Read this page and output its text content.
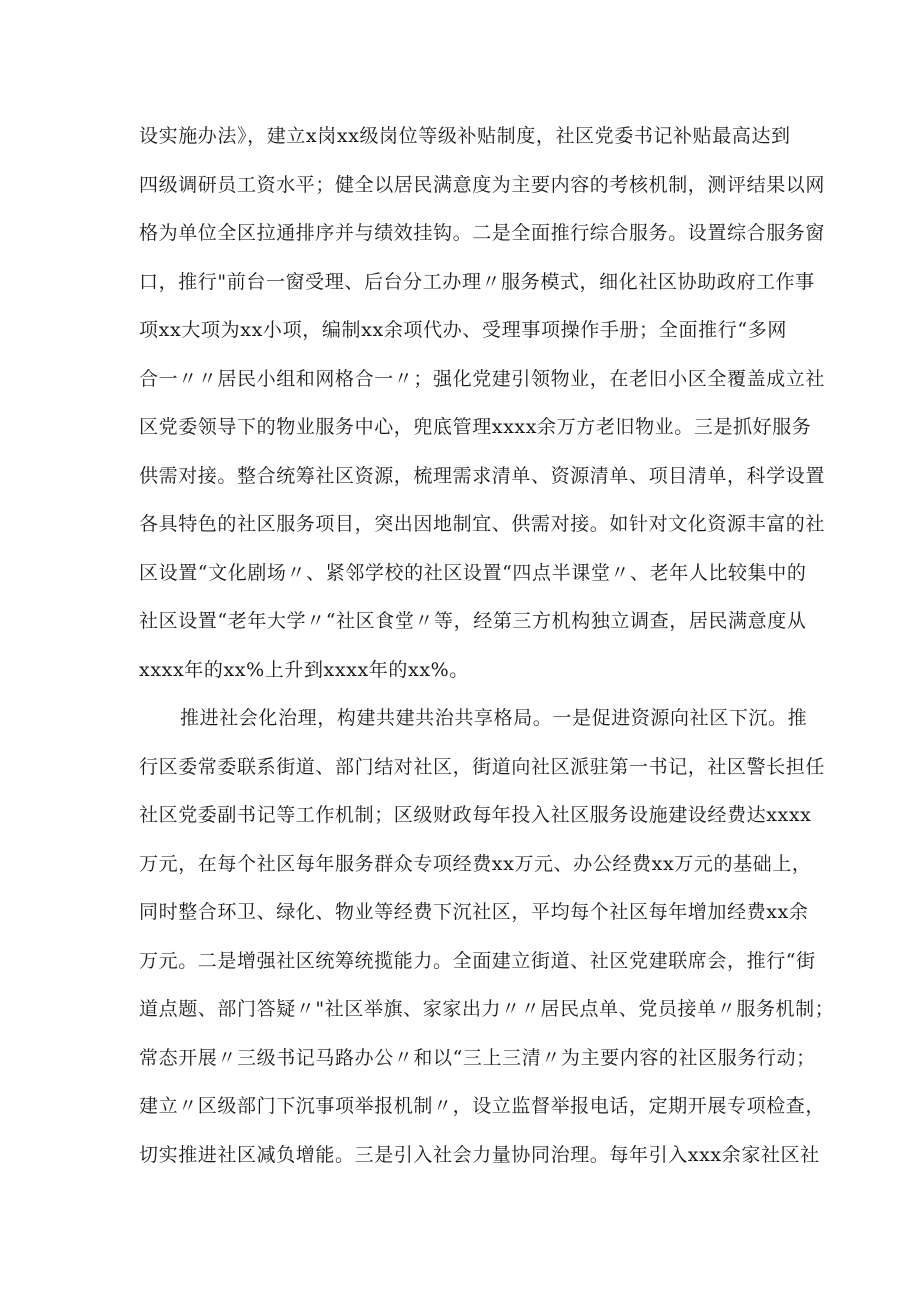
设实施办法》，建立x岗xx级岗位等级补贴制度，社区党委书记补贴最高达到
四级调研员工资水平；健全以居民满意度为主要内容的考核机制，测评结果以网
格为单位全区拉通排序并与绩效挂钩。二是全面推行综合服务。设置综合服务窗
口，推行"前台一窗受理、后台分工办理〃服务模式，细化社区协助政府工作事
项xx大项为xx小项，编制xx余项代办、受理事项操作手册；全面推行“多网
合一〃〃居民小组和网格合一〃；强化党建引领物业，在老旧小区全覆盖成立社
区党委领导下的物业服务中心，兜底管理xxxx余万方老旧物业。三是抓好服务
供需对接。整合统筹社区资源，梳理需求清单、资源清单、项目清单，科学设置
各具特色的社区服务项目，突出因地制宜、供需对接。如针对文化资源丰富的社
区设置“文化剧场〃、紧邻学校的社区设置“四点半课堂〃、老年人比较集中的
社区设置“老年大学〃“社区食堂〃等，经第三方机构独立调查，居民满意度从
xxxx年的xx%上升到xxxx年的xx%。
推进社会化治理，构建共建共治共享格局。一是促进资源向社区下沉。推
行区委常委联系街道、部门结对社区，街道向社区派驻第一书记，社区警长担任
社区党委副书记等工作机制；区级财政每年投入社区服务设施建设经费达xxxx
万元，在每个社区每年服务群众专项经费xx万元、办公经费xx万元的基础上，
同时整合环卫、绿化、物业等经费下沉社区，平均每个社区每年增加经费xx余
万元。二是增强社区统筹统揽能力。全面建立街道、社区党建联席会，推行“街
道点题、部门答疑〃"社区举旗、家家出力〃〃居民点单、党员接单〃服务机制；
常态开展〃三级书记马路办公〃和以“三上三清〃为主要内容的社区服务行动；
建立〃区级部门下沉事项举报机制〃，设立监督举报电话，定期开展专项检查，
切实推进社区减负增能。三是引入社会力量协同治理。每年引入xxx余家社区社
